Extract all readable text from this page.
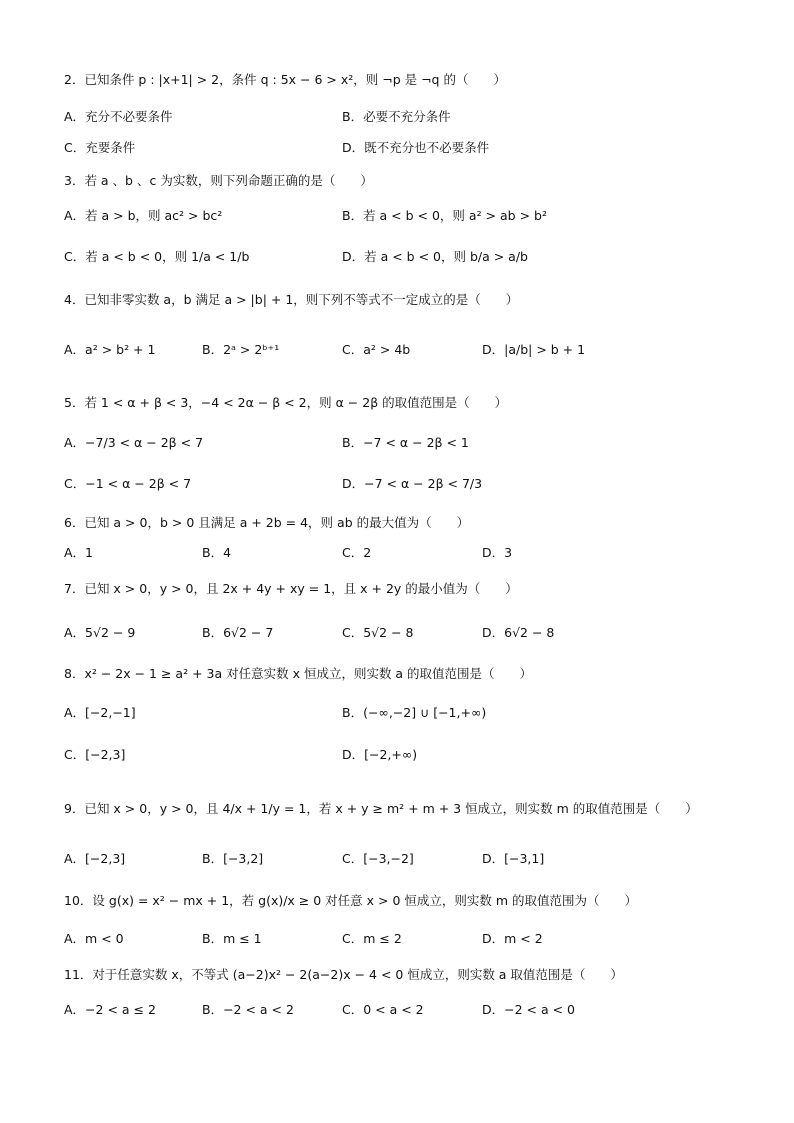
2．已知条件 p : |x+1| > 2，条件 q : 5x − 6 > x²，则 ¬p 是 ¬q 的（　　）
A．充分不必要条件	B．必要不充分条件
C．充要条件	D．既不充分也不必要条件
3．若 a 、b 、c 为实数，则下列命题正确的是（　　）
A．若 a > b，则 ac² > bc²	B．若 a < b < 0，则 a² > ab > b²
C．若 a < b < 0，则 1/a < 1/b	D．若 a < b < 0，则 b/a > a/b
4．已知非零实数 a，b 满足 a > |b| + 1，则下列不等式不一定成立的是（　　）
A．a² > b² + 1	B．2ᵃ > 2ᵇ⁺¹	C．a² > 4b	D．|a/b| > b + 1
5．若 1 < α + β < 3，−4 < 2α − β < 2，则 α − 2β 的取值范围是（　　）
A．−7/3 < α − 2β < 7	B．−7 < α − 2β < 1
C．−1 < α − 2β < 7	D．−7 < α − 2β < 7/3
6．已知 a > 0，b > 0 且满足 a + 2b = 4，则 ab 的最大值为（　　）
A．1	B．4	C．2	D．3
7．已知 x > 0，y > 0，且 2x + 4y + xy = 1，且 x + 2y 的最小值为（　　）
A．5√2 − 9	B．6√2 − 7	C．5√2 − 8	D．6√2 − 8
8．x² − 2x − 1 ≥ a² + 3a 对任意实数 x 恒成立，则实数 a 的取值范围是（　　）
A．[−2,−1]	B．(−∞,−2] ∪ [−1,+∞)
C．[−2,3]	D．[−2,+∞)
9．已知 x > 0，y > 0，且 4/x + 1/y = 1，若 x + y ≥ m² + m + 3 恒成立，则实数 m 的取值范围是（　　）
A．[−2,3]	B．[−3,2]	C．[−3,−2]	D．[−3,1]
10．设 g(x) = x² − mx + 1，若 g(x)/x ≥ 0 对任意 x > 0 恒成立，则实数 m 的取值范围为（　　）
A．m < 0	B．m ≤ 1	C．m ≤ 2	D．m < 2
11．对于任意实数 x，不等式 (a−2)x² − 2(a−2)x − 4 < 0 恒成立，则实数 a 取值范围是（　　）
A．−2 < a ≤ 2	B．−2 < a < 2	C．0 < a < 2	D．−2 < a < 0
